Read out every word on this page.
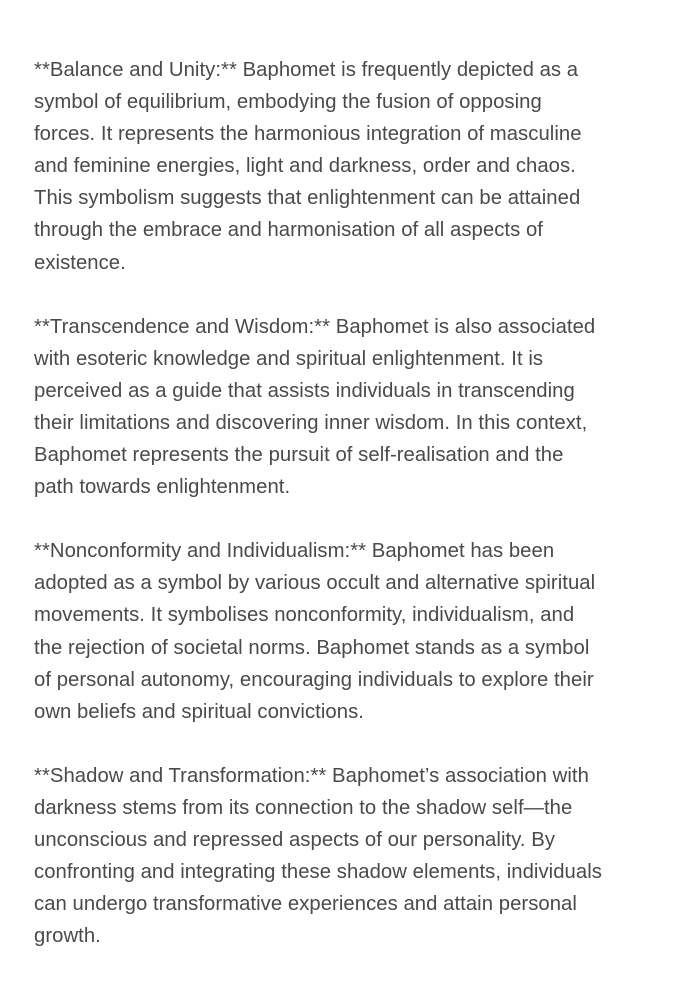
**Balance and Unity:** Baphomet is frequently depicted as a
symbol of equilibrium, embodying the fusion of opposing
forces. It represents the harmonious integration of masculine
and feminine energies, light and darkness, order and chaos.
This symbolism suggests that enlightenment can be attained
through the embrace and harmonisation of all aspects of
existence.

**Transcendence and Wisdom:** Baphomet is also associated
with esoteric knowledge and spiritual enlightenment. It is
perceived as a guide that assists individuals in transcending
their limitations and discovering inner wisdom. In this context,
Baphomet represents the pursuit of self-realisation and the
path towards enlightenment.

**Nonconformity and Individualism:** Baphomet has been
adopted as a symbol by various occult and alternative spiritual
movements. It symbolises nonconformity, individualism, and
the rejection of societal norms. Baphomet stands as a symbol
of personal autonomy, encouraging individuals to explore their
own beliefs and spiritual convictions.

**Shadow and Transformation:** Baphomet’s association with
darkness stems from its connection to the shadow self—the
unconscious and repressed aspects of our personality. By
confronting and integrating these shadow elements, individuals
can undergo transformative experiences and attain personal
growth.
